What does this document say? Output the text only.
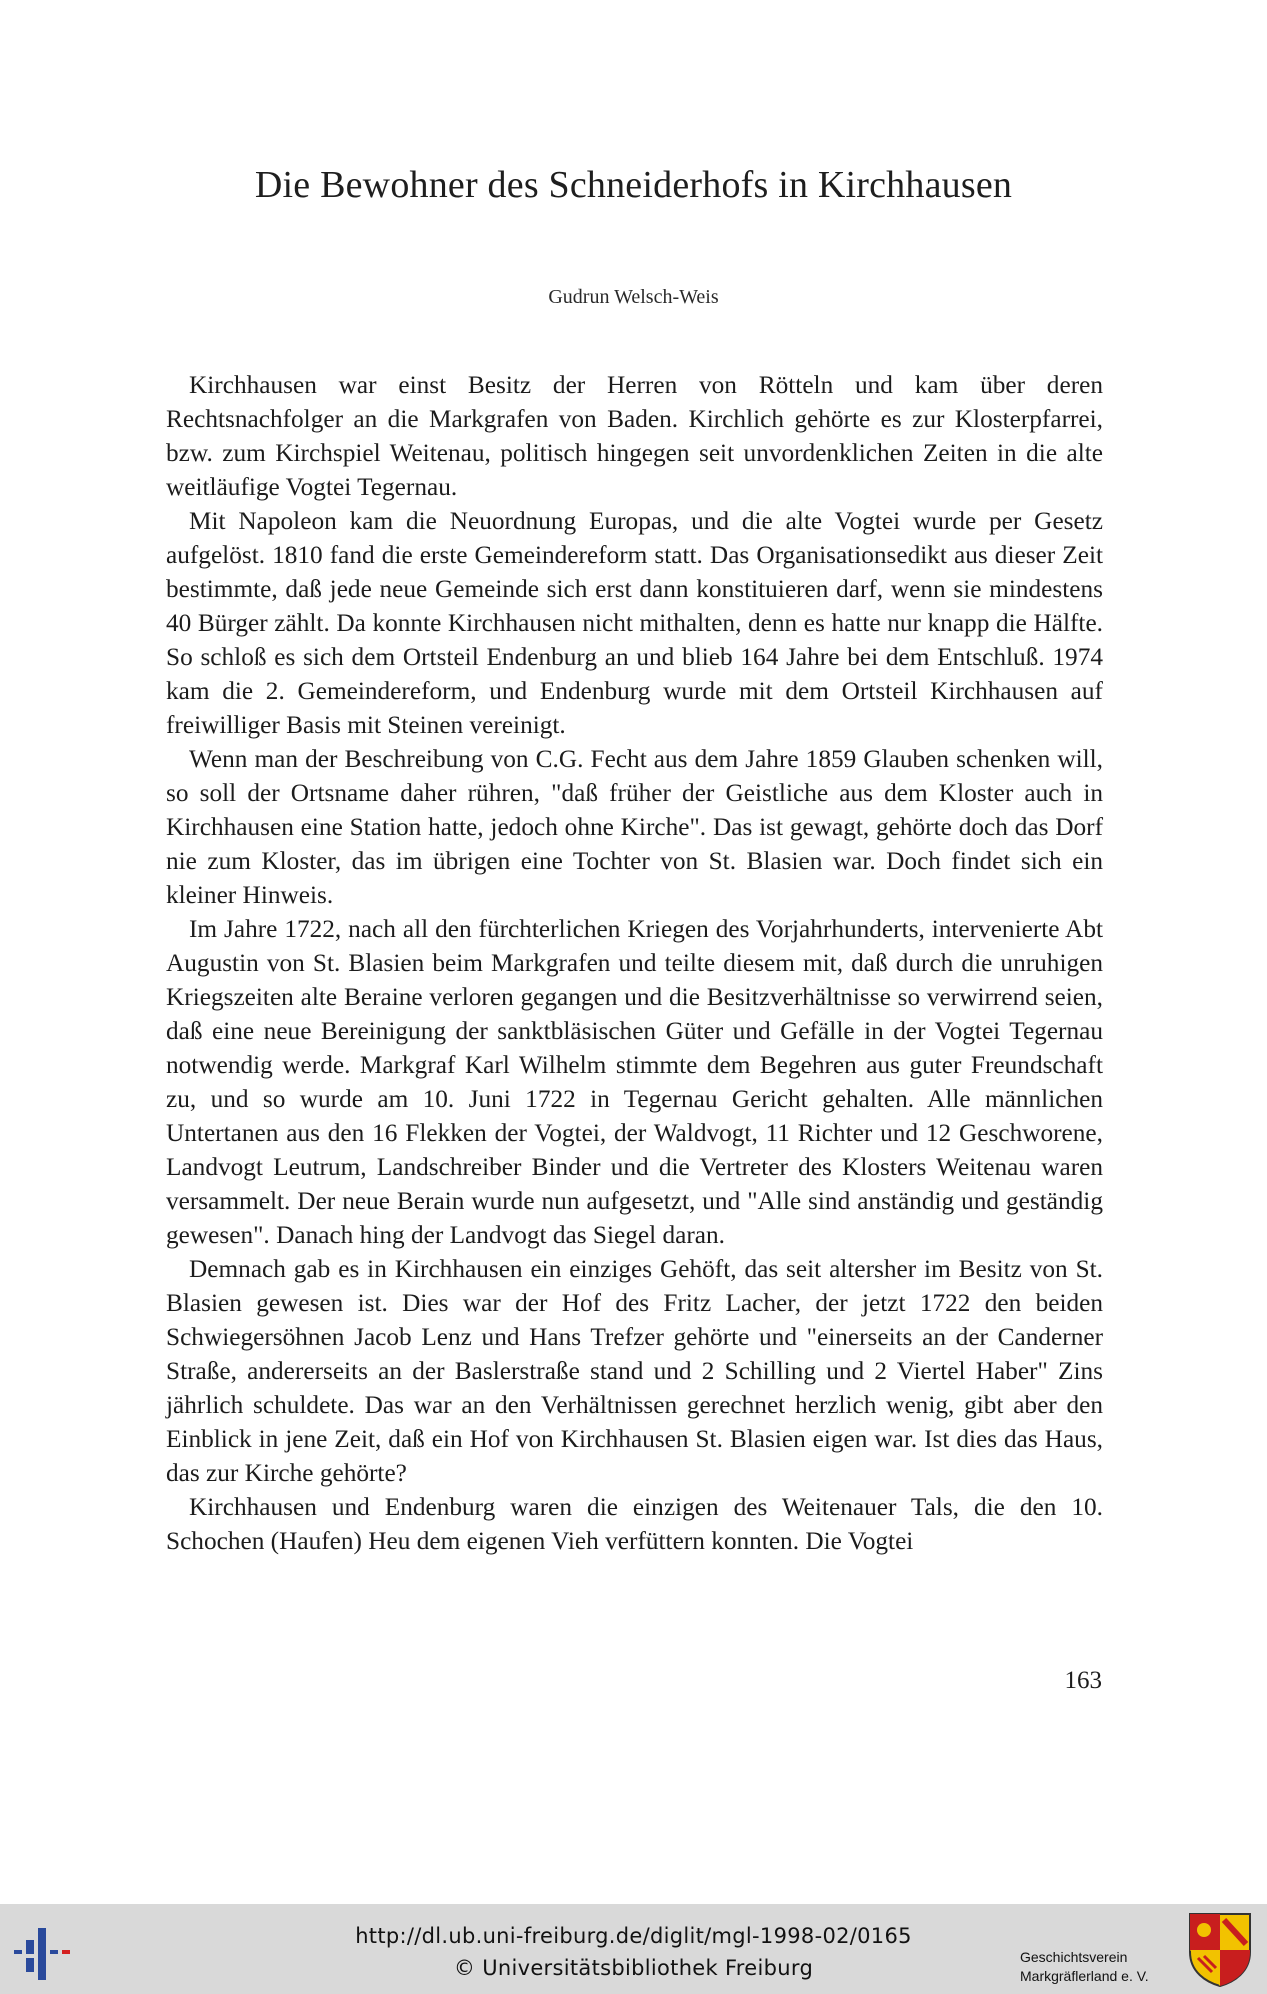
Die Bewohner des Schneiderhofs in Kirchhausen
Gudrun Welsch-Weis

Kirchhausen war einst Besitz der Herren von Rötteln und kam über deren Rechtsnachfolger an die Markgrafen von Baden. Kirchlich gehörte es zur Klosterpfarrei, bzw. zum Kirchspiel Weitenau, politisch hingegen seit unvordenklichen Zeiten in die alte weitläufige Vogtei Tegernau.

Mit Napoleon kam die Neuordnung Europas, und die alte Vogtei wurde per Gesetz aufgelöst. 1810 fand die erste Gemeindereform statt. Das Organisationsedikt aus dieser Zeit bestimmte, daß jede neue Gemeinde sich erst dann konstituieren darf, wenn sie mindestens 40 Bürger zählt. Da konnte Kirchhausen nicht mithalten, denn es hatte nur knapp die Hälfte. So schloß es sich dem Ortsteil Endenburg an und blieb 164 Jahre bei dem Entschluß. 1974 kam die 2. Gemeindereform, und Endenburg wurde mit dem Ortsteil Kirchhausen auf freiwilliger Basis mit Steinen vereinigt.

Wenn man der Beschreibung von C.G. Fecht aus dem Jahre 1859 Glauben schenken will, so soll der Ortsname daher rühren, "daß früher der Geistliche aus dem Kloster auch in Kirchhausen eine Station hatte, jedoch ohne Kirche". Das ist gewagt, gehörte doch das Dorf nie zum Kloster, das im übrigen eine Tochter von St. Blasien war. Doch findet sich ein kleiner Hinweis.

Im Jahre 1722, nach all den fürchterlichen Kriegen des Vorjahrhunderts, intervenierte Abt Augustin von St. Blasien beim Markgrafen und teilte diesem mit, daß durch die unruhigen Kriegszeiten alte Beraine verloren gegangen und die Besitzverhältnisse so verwirrend seien, daß eine neue Bereinigung der sanktbläsischen Güter und Gefälle in der Vogtei Tegernau notwendig werde. Markgraf Karl Wilhelm stimmte dem Begehren aus guter Freundschaft zu, und so wurde am 10. Juni 1722 in Tegernau Gericht gehalten. Alle männlichen Untertanen aus den 16 Flekken der Vogtei, der Waldvogt, 11 Richter und 12 Geschworene, Landvogt Leutrum, Landschreiber Binder und die Vertreter des Klosters Weitenau waren versammelt. Der neue Berain wurde nun aufgesetzt, und "Alle sind anständig und geständig gewesen". Danach hing der Landvogt das Siegel daran.

Demnach gab es in Kirchhausen ein einziges Gehöft, das seit altersher im Besitz von St. Blasien gewesen ist. Dies war der Hof des Fritz Lacher, der jetzt 1722 den beiden Schwiegersöhnen Jacob Lenz und Hans Trefzer gehörte und "einerseits an der Canderner Straße, andererseits an der Baslerstraße stand und 2 Schilling und 2 Viertel Haber" Zins jährlich schuldete. Das war an den Verhältnissen gerechnet herzlich wenig, gibt aber den Einblick in jene Zeit, daß ein Hof von Kirchhausen St. Blasien eigen war. Ist dies das Haus, das zur Kirche gehörte?

Kirchhausen und Endenburg waren die einzigen des Weitenauer Tals, die den 10. Schochen (Haufen) Heu dem eigenen Vieh verfüttern konnten. Die Vogtei

163
http://dl.ub.uni-freiburg.de/diglit/mgl-1998-02/0165
© Universitätsbibliothek Freiburg	Geschichtsverein
Markgräflerland e. V.
